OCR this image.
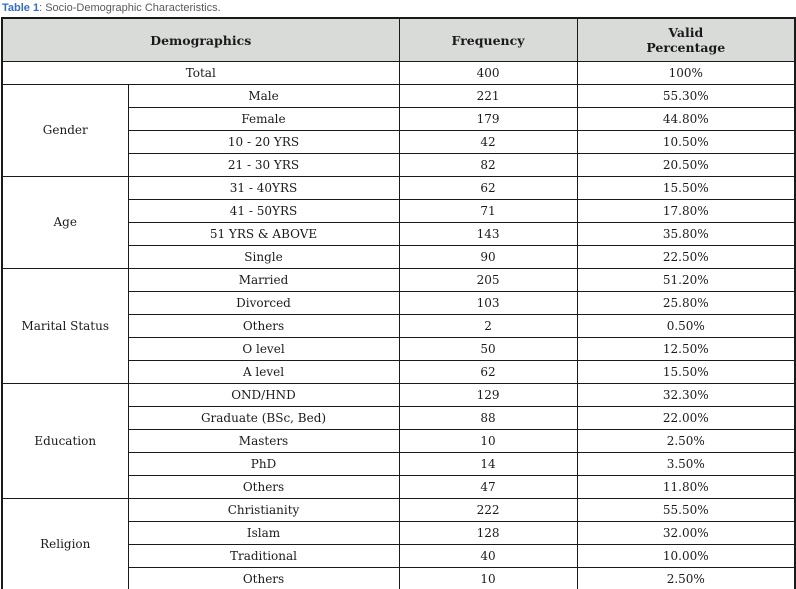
Table 1: Socio-Demographic Characteristics.
Demographics		Frequency	Valid
Percentage
Total		400	100%
Gender	Male	221	55.30%
	Female	179	44.80%
	10 - 20 YRS	42	10.50%
	21 - 30 YRS	82	20.50%
Age	31 - 40YRS	62	15.50%
	41 - 50YRS	71	17.80%
	51 YRS & ABOVE	143	35.80%
	Single	90	22.50%
Marital Status	Married	205	51.20%
	Divorced	103	25.80%
	Others	2	0.50%
	O level	50	12.50%
	A level	62	15.50%
Education	OND/HND	129	32.30%
	Graduate (BSc, Bed)	88	22.00%
	Masters	10	2.50%
	PhD	14	3.50%
	Others	47	11.80%
Religion	Christianity	222	55.50%
	Islam	128	32.00%
	Traditional	40	10.00%
	Others	10	2.50%
